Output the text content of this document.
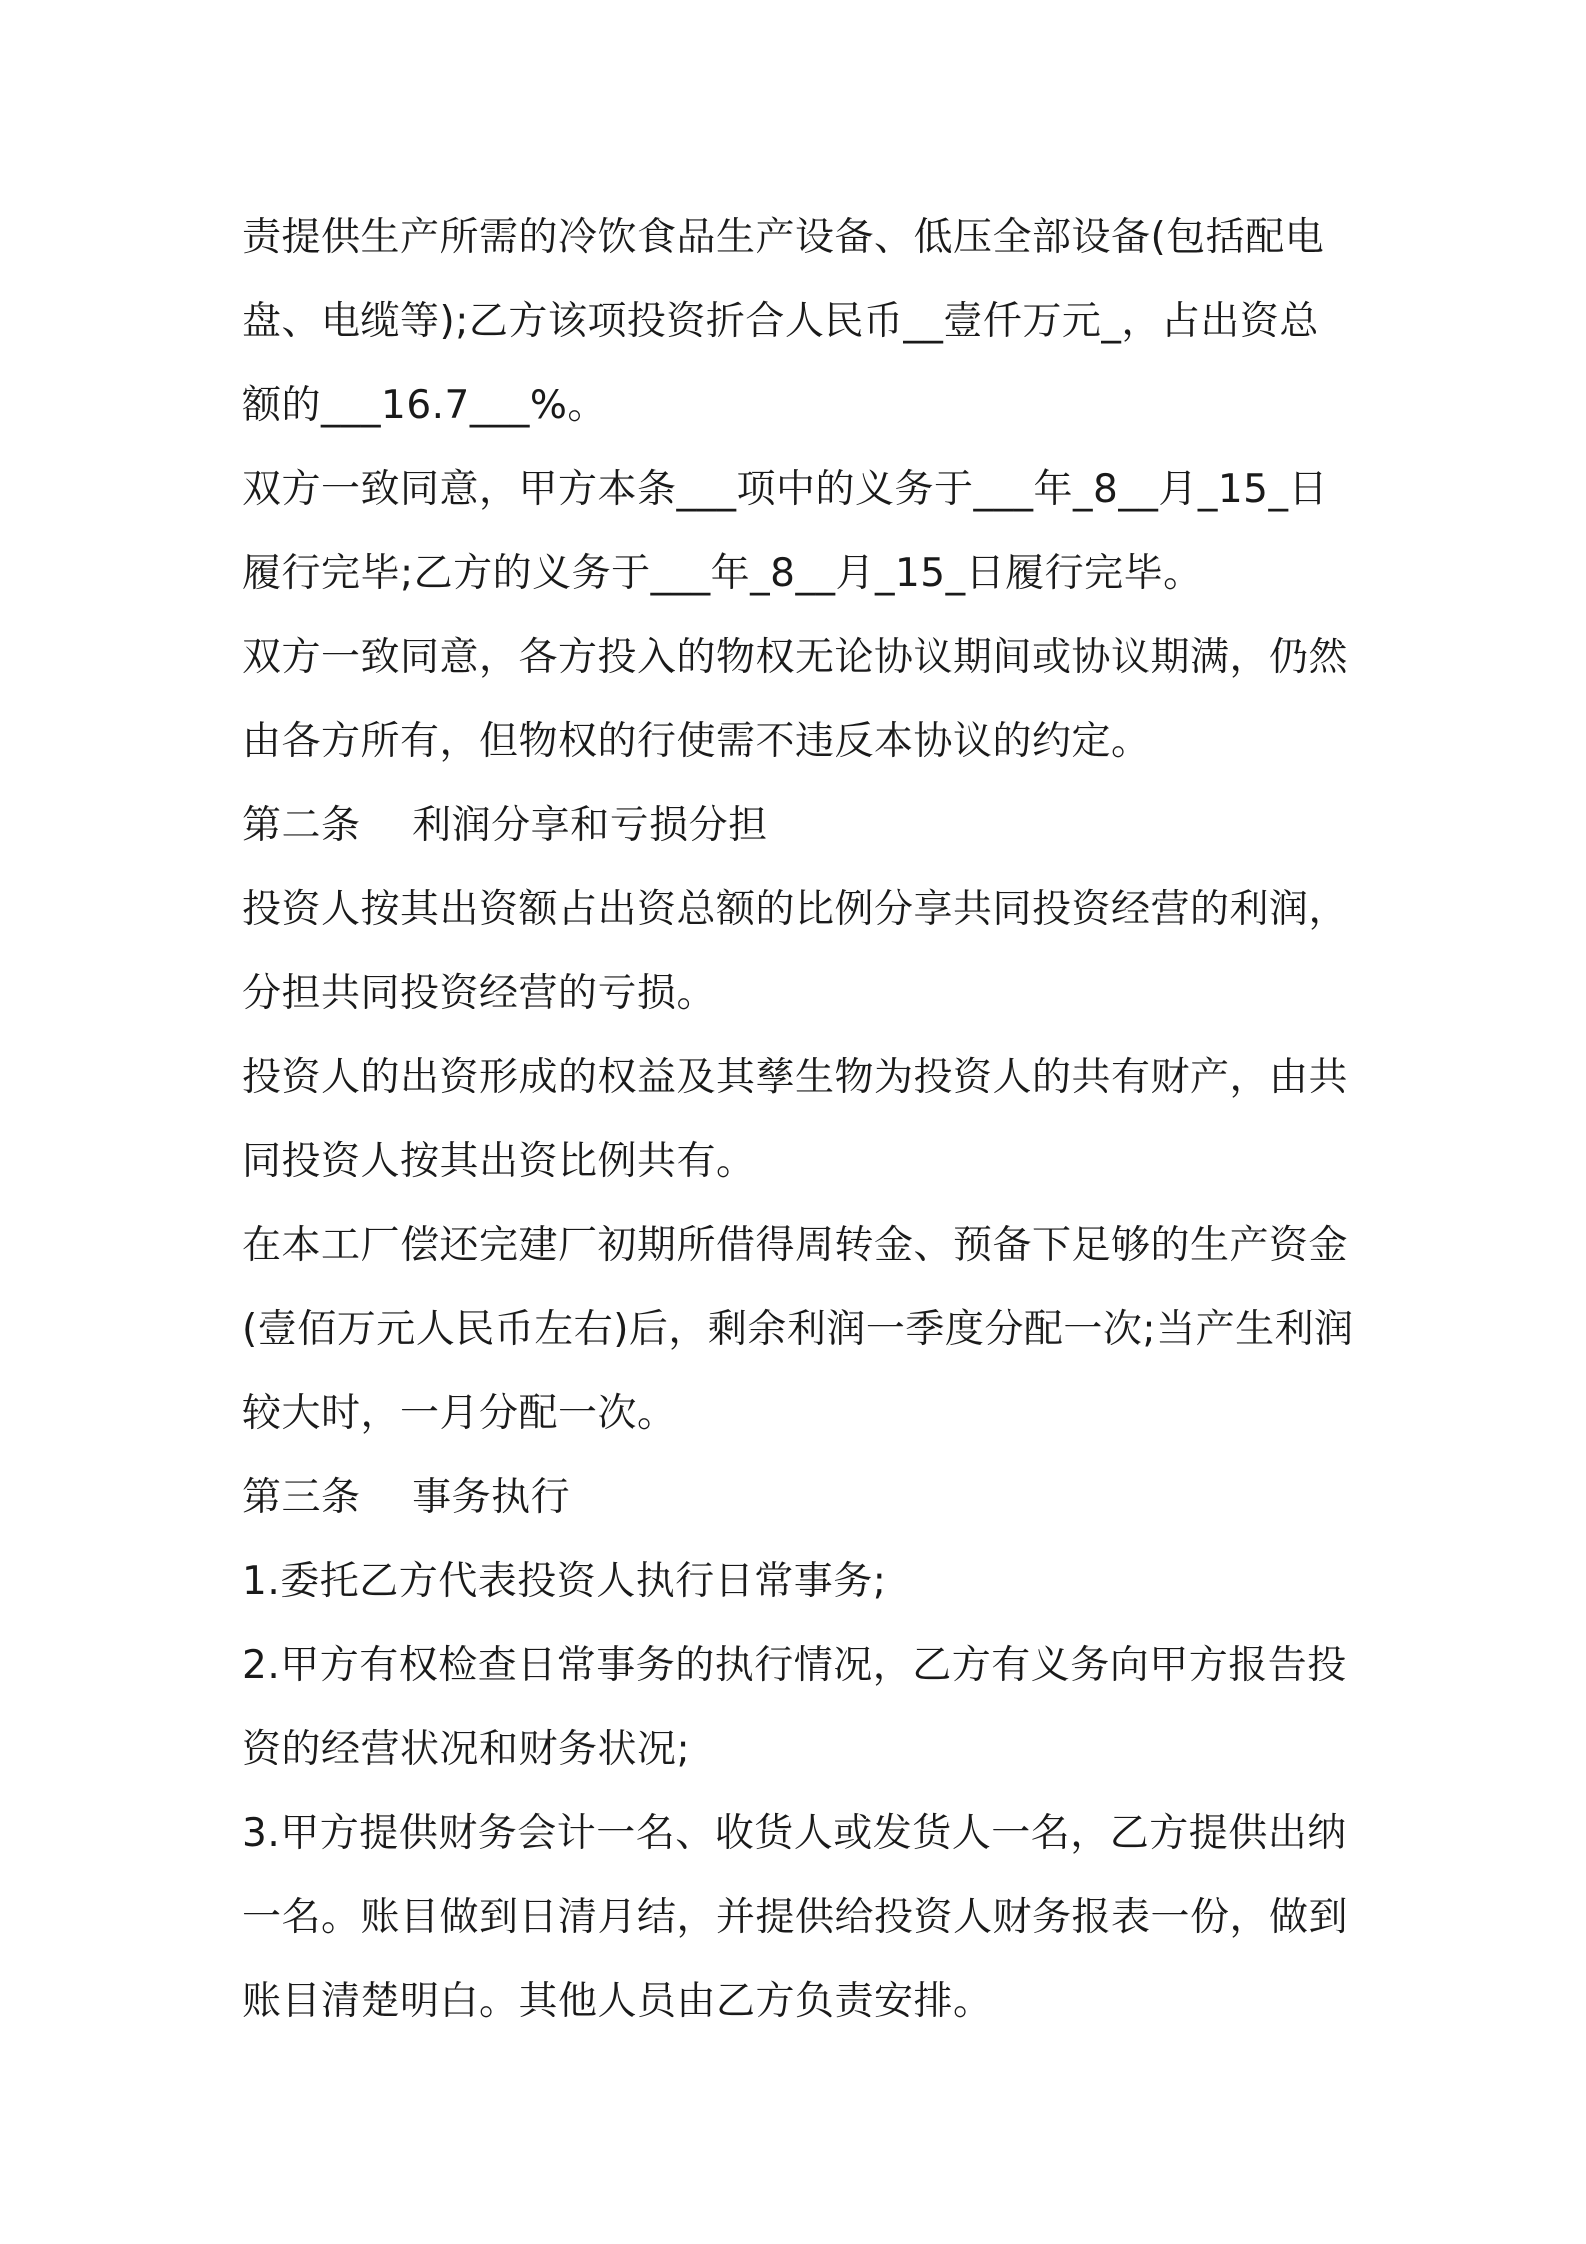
责提供生产所需的冷饮食品生产设备、低压全部设备(包括配电
盘、电缆等);乙方该项投资折合人民币__壹仟万元_，占出资总
额的___16.7___%。
双方一致同意，甲方本条___项中的义务于___年_8__月_15_日
履行完毕;乙方的义务于___年_8__月_15_日履行完毕。
双方一致同意，各方投入的物权无论协议期间或协议期满，仍然
由各方所有，但物权的行使需不违反本协议的约定。
第二条    利润分享和亏损分担
投资人按其出资额占出资总额的比例分享共同投资经营的利润，
分担共同投资经营的亏损。
投资人的出资形成的权益及其孳生物为投资人的共有财产，由共
同投资人按其出资比例共有。
在本工厂偿还完建厂初期所借得周转金、预备下足够的生产资金
(壹佰万元人民币左右)后，剩余利润一季度分配一次;当产生利润
较大时，一月分配一次。
第三条    事务执行
1.委托乙方代表投资人执行日常事务;
2.甲方有权检查日常事务的执行情况，乙方有义务向甲方报告投
资的经营状况和财务状况;
3.甲方提供财务会计一名、收货人或发货人一名，乙方提供出纳
一名。账目做到日清月结，并提供给投资人财务报表一份，做到
账目清楚明白。其他人员由乙方负责安排。
